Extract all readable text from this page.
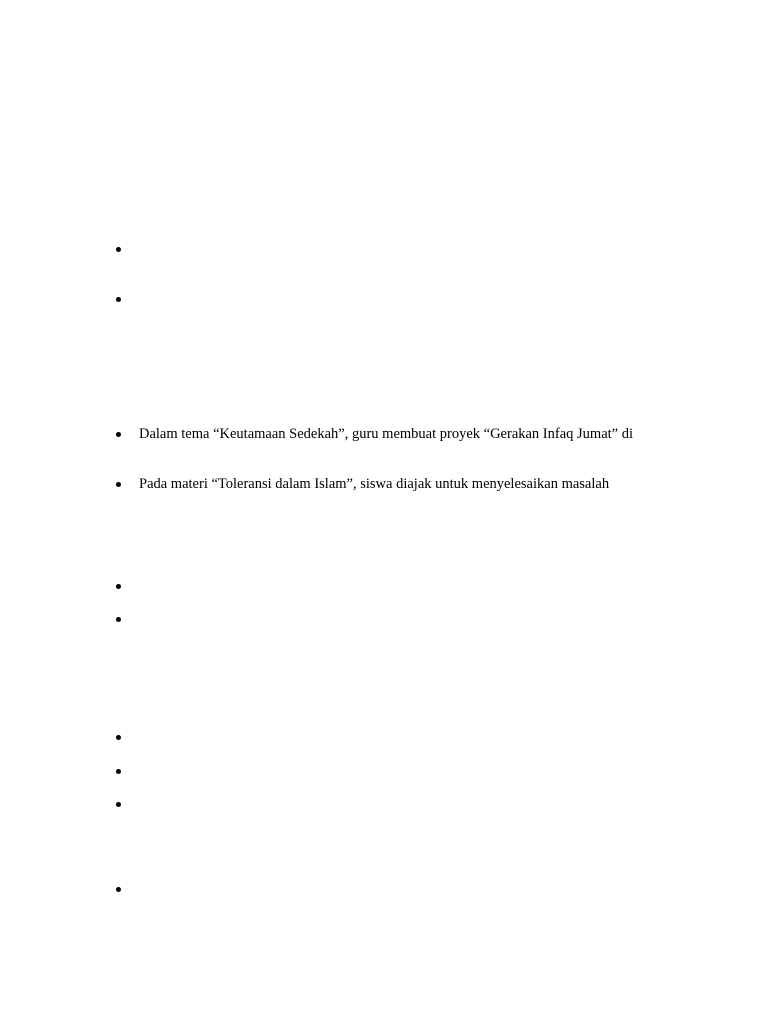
Dalam tema “Keutamaan Sedekah”, guru membuat proyek “Gerakan Infaq Jumat” di
Pada materi “Toleransi dalam Islam”, siswa diajak untuk menyelesaikan masalah
